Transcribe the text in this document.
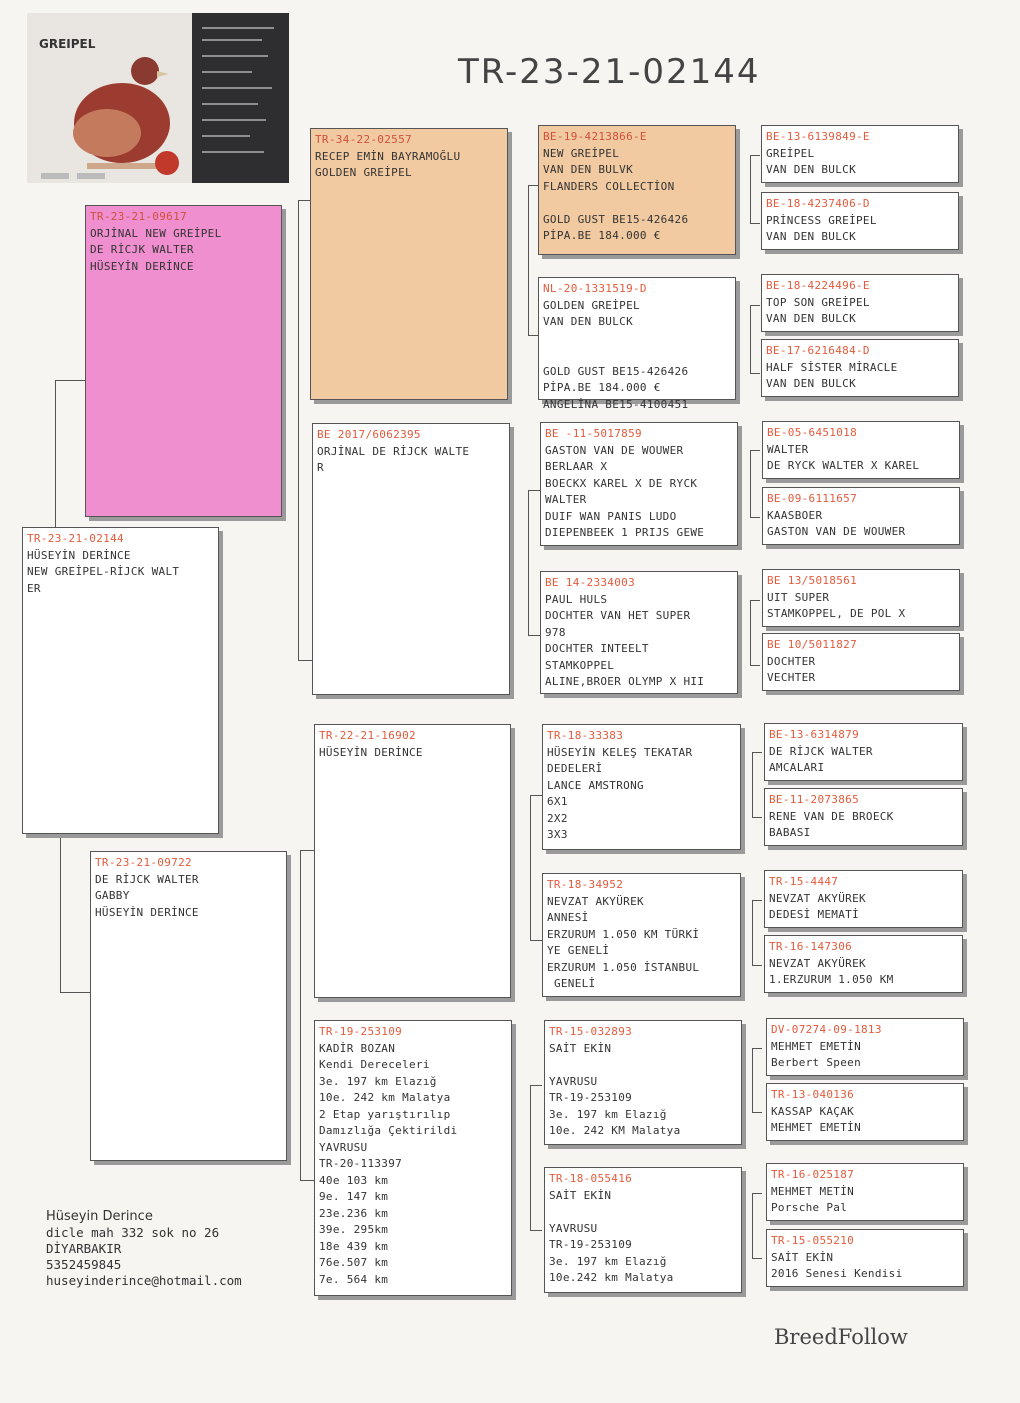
GREIPEL
TR-23-21-02144
TR-23-21-02144
HÜSEYİN DERİNCE
NEW GREİPEL-RİJCK WALT
ER
TR-23-21-09617
ORJİNAL NEW GREİPEL
DE RİCJK WALTER
HÜSEYİN DERİNCE
TR-23-21-09722
DE RİJCK WALTER
GABBY
HÜSEYİN DERİNCE
TR-34-22-02557
RECEP EMİN BAYRAMOĞLU
GOLDEN GREİPEL
BE 2017/6062395
ORJİNAL DE RİJCK WALTE
R
TR-22-21-16902
HÜSEYİN DERİNCE
TR-19-253109
KADİR BOZAN
Kendi Dereceleri
3e. 197 km Elazığ
10e. 242 km Malatya
2 Etap yarıştırılıp
Damızlığa Çektirildi
YAVRUSU
TR-20-113397
40e 103 km
9e. 147 km
23e.236 km
39e. 295km
18e 439 km
76e.507 km
7e. 564 km
BE-19-4213866-E
NEW GREİPEL
VAN DEN BULVK
FLANDERS COLLECTİON

GOLD GUST BE15-426426
PİPA.BE 184.000 €
NL-20-1331519-D
GOLDEN GREİPEL
VAN DEN BULCK

GOLD GUST BE15-426426
PİPA.BE 184.000 €
ANGELİNA BE15-4100451
BE -11-5017859
GASTON VAN DE WOUWER
BERLAAR X
BOECKX KAREL X DE RYCK
WALTER
DUIF WAN PANIS LUDO
DIEPENBEEK 1 PRIJS GEWE
BE 14-2334003
PAUL HULS
DOCHTER VAN HET SUPER
978
DOCHTER INTEELT
STAMKOPPEL
ALINE,BROER OLYMP X HII
TR-18-33383
HÜSEYİN KELEŞ TEKATAR
DEDELERİ
LANCE AMSTRONG
6X1
2X2
3X3
TR-18-34952
NEVZAT AKYÜREK
ANNESİ
ERZURUM 1.050 KM TÜRKİ
YE GENELİ
ERZURUM 1.050 İSTANBUL
GENELİ
TR-15-032893
SAİT EKİN

YAVRUSU
TR-19-253109
3e. 197 km Elazığ
10e. 242 KM Malatya
TR-18-055416
SAİT EKİN

YAVRUSU
TR-19-253109
3e. 197 km Elazığ
10e.242 km Malatya
BE-13-6139849-E
GREİPEL
VAN DEN BULCK
BE-18-4237406-D
PRİNCESS GREİPEL
VAN DEN BULCK
BE-18-4224496-E
TOP SON GREİPEL
VAN DEN BULCK
BE-17-6216484-D
HALF SİSTER MİRACLE
VAN DEN BULCK
BE-05-6451018
WALTER
DE RYCK WALTER X KAREL
BE-09-6111657
KAASBOER
GASTON VAN DE WOUWER
BE 13/5018561
UIT SUPER
STAMKOPPEL, DE POL X
BE 10/5011827
DOCHTER
VECHTER
BE-13-6314879
DE RİJCK WALTER
AMCALARI
BE-11-2073865
RENE VAN DE BROECK
BABASI
TR-15-4447
NEVZAT AKYÜREK
DEDESİ MEMATİ
TR-16-147306
NEVZAT AKYÜREK
1.ERZURUM 1.050 KM
DV-07274-09-1813
MEHMET EMETİN
Berbert Speen
TR-13-040136
KASSAP KAÇAK
MEHMET EMETİN
TR-16-025187
MEHMET METİN
Porsche Pal
TR-15-055210
SAİT EKİN
2016 Senesi Kendisi
Hüseyin Derince
dicle mah 332 sok no 26
DİYARBAKIR
5352459845
huseyinderince@hotmail.com
BreedFollow
